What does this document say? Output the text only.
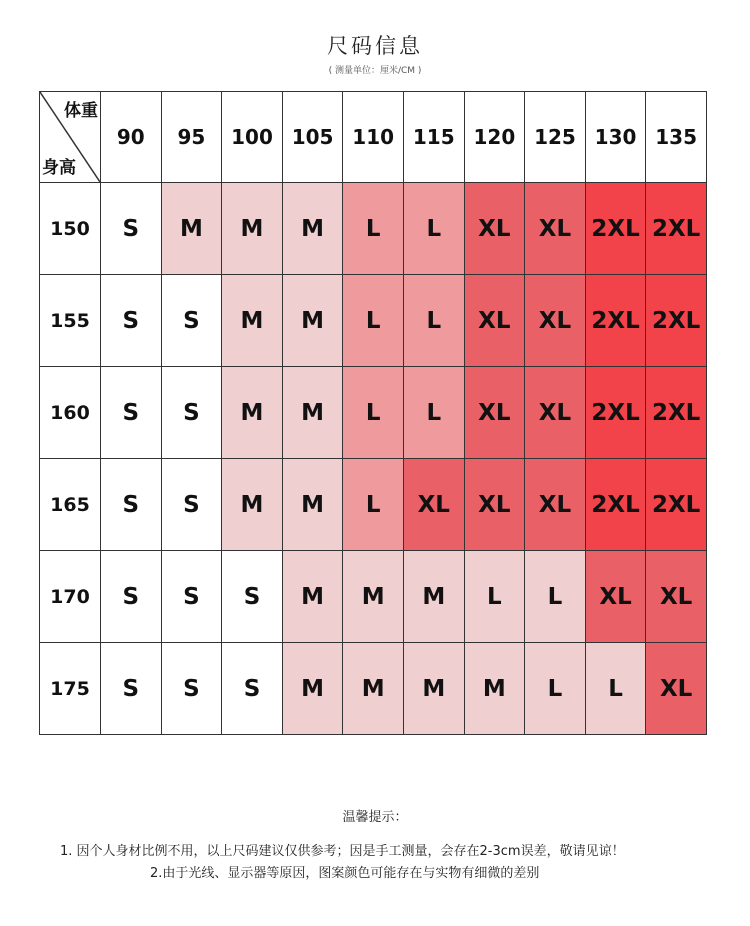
尺码信息
( 测量单位：厘米/CM )
体重
身高	90	95	100	105	110	115	120	125	130	135
150	S	M	M	M	L	L	XL	XL	2XL	2XL
155	S	S	M	M	L	L	XL	XL	2XL	2XL
160	S	S	M	M	L	L	XL	XL	2XL	2XL
165	S	S	M	M	L	XL	XL	XL	2XL	2XL
170	S	S	S	M	M	M	L	L	XL	XL
175	S	S	S	M	M	M	M	L	L	XL
温馨提示：
1. 因个人身材比例不用，以上尺码建议仅供参考；因是手工测量，会存在2-3cm误差，敬请见谅！
2.由于光线、显示器等原因，图案颜色可能存在与实物有细微的差别
